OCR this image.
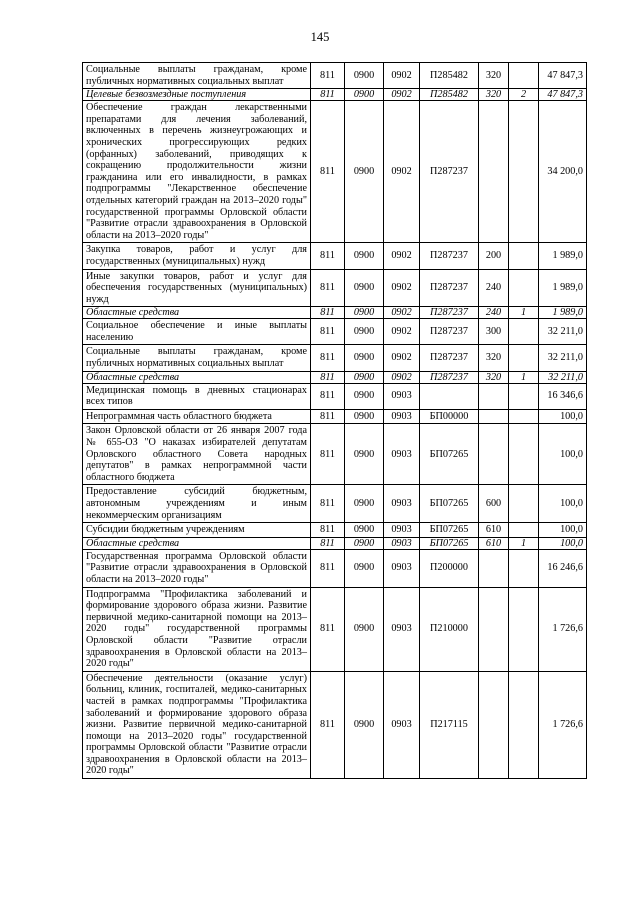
145
Социальные выплаты гражданам, кроме публичных нормативных социальных выплат	811	0900	0902	П285482	320		47 847,3
Целевые безвозмездные поступления	811	0900	0902	П285482	320	2	47 847,3
Обеспечение граждан лекарственными препаратами для лечения заболеваний, включенных в перечень жизнеугрожающих и хронических прогрессирующих редких (орфанных) заболеваний, приводящих к сокращению продолжительности жизни гражданина или его инвалидности, в рамках подпрограммы "Лекарственное обеспечение отдельных категорий граждан на 2013–2020 годы" государственной программы Орловской области "Развитие отрасли здравоохранения в Орловской области на 2013–2020 годы"	811	0900	0902	П287237			34 200,0
Закупка товаров, работ и услуг для государственных (муниципальных) нужд	811	0900	0902	П287237	200		1 989,0
Иные закупки товаров, работ и услуг для обеспечения государственных (муниципальных) нужд	811	0900	0902	П287237	240		1 989,0
Областные средства	811	0900	0902	П287237	240	1	1 989,0
Социальное обеспечение и иные выплаты населению	811	0900	0902	П287237	300		32 211,0
Социальные выплаты гражданам, кроме публичных нормативных социальных выплат	811	0900	0902	П287237	320		32 211,0
Областные средства	811	0900	0902	П287237	320	1	32 211,0
Медицинская помощь в дневных стационарах всех типов	811	0900	0903				16 346,6
Непрограммная часть областного бюджета	811	0900	0903	БП00000			100,0
Закон Орловской области от 26 января 2007 года № 655-ОЗ "О наказах избирателей депутатам Орловского областного Совета народных депутатов" в рамках непрограммной части областного бюджета	811	0900	0903	БП07265			100,0
Предоставление субсидий бюджетным, автономным учреждениям и иным некоммерческим организациям	811	0900	0903	БП07265	600		100,0
Субсидии бюджетным учреждениям	811	0900	0903	БП07265	610		100,0
Областные средства	811	0900	0903	БП07265	610	1	100,0
Государственная программа Орловской области "Развитие отрасли здравоохранения в Орловской области на 2013–2020 годы"	811	0900	0903	П200000			16 246,6
Подпрограмма "Профилактика заболеваний и формирование здорового образа жизни. Развитие первичной медико-санитарной помощи на 2013–2020 годы" государственной программы Орловской области "Развитие отрасли здравоохранения в Орловской области на 2013–2020 годы"	811	0900	0903	П210000			1 726,6
Обеспечение деятельности (оказание услуг) больниц, клиник, госпиталей, медико-санитарных частей в рамках подпрограммы "Профилактика заболеваний и формирование здорового образа жизни. Развитие первичной медико-санитарной помощи на 2013–2020 годы" государственной программы Орловской области "Развитие отрасли здравоохранения в Орловской области на 2013–2020 годы"	811	0900	0903	П217115			1 726,6
